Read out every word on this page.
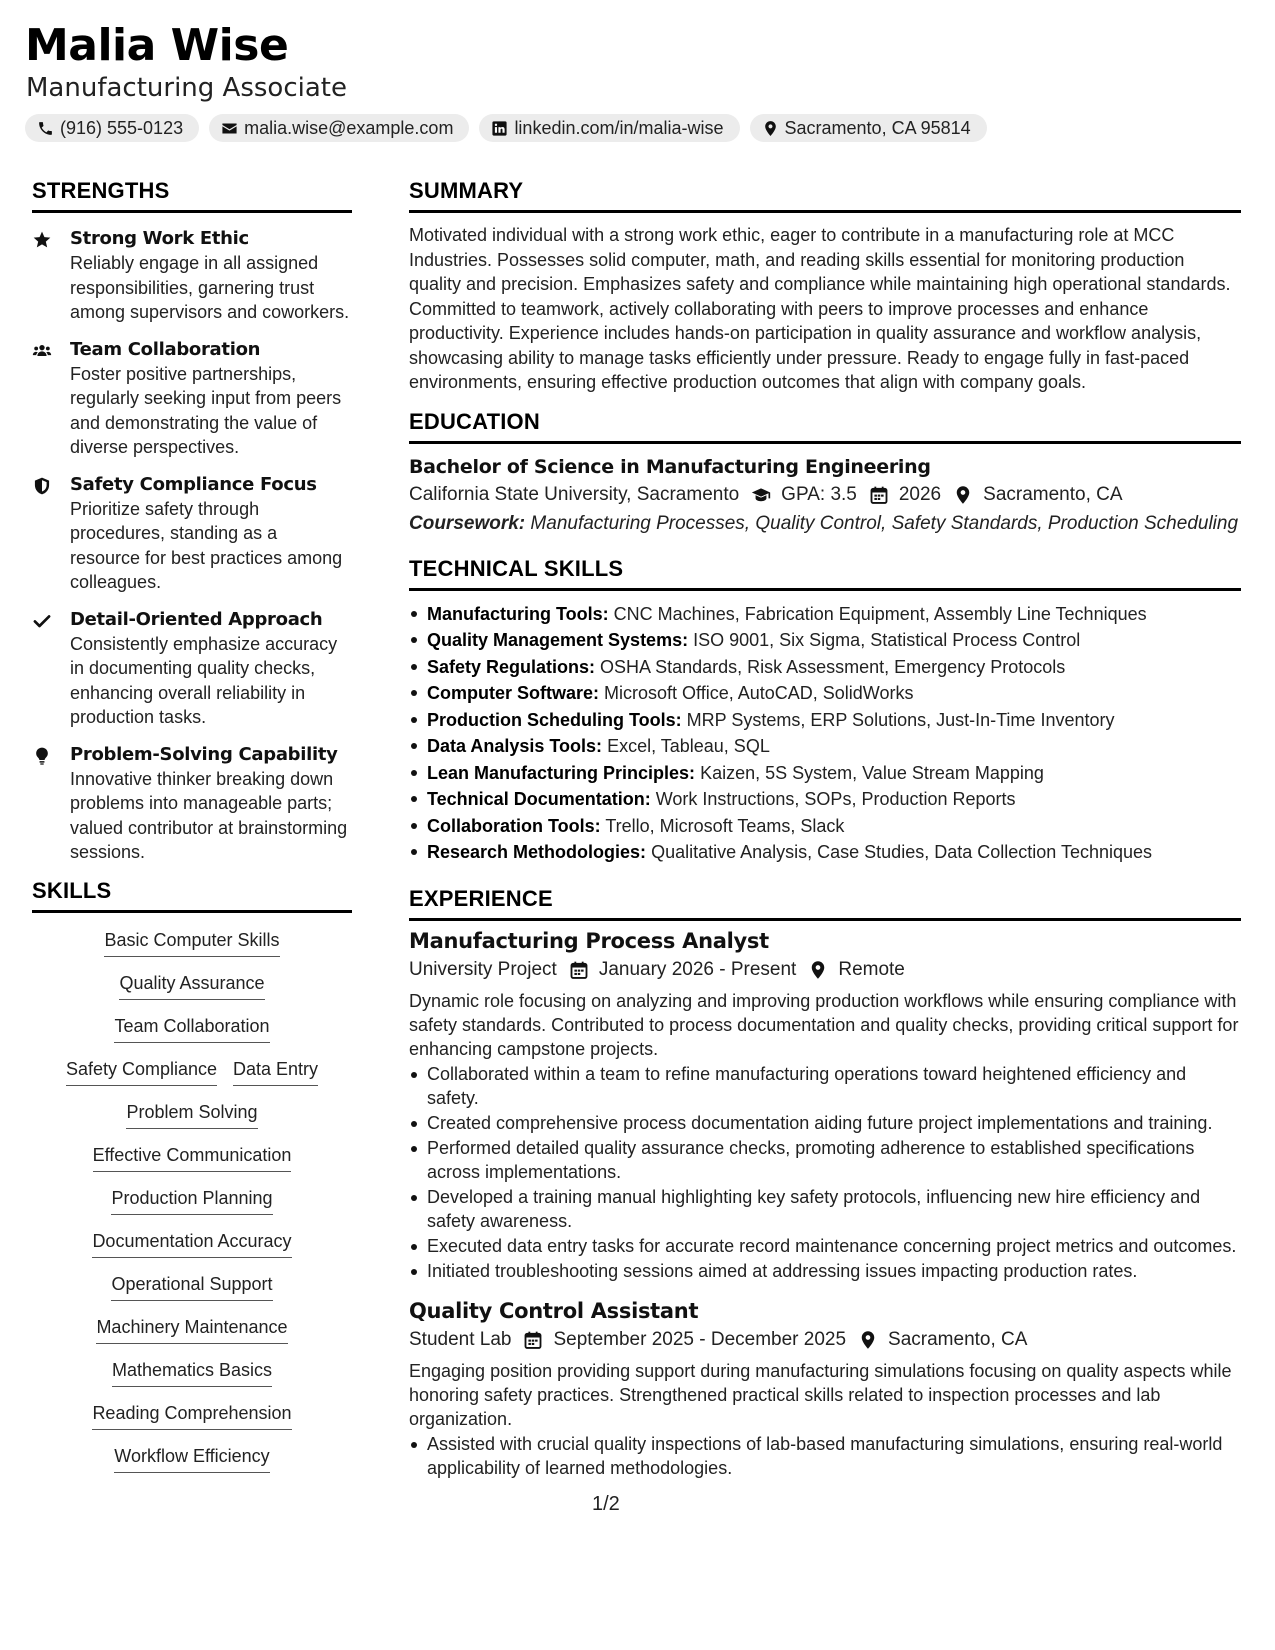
Malia Wise
Manufacturing Associate
(916) 555-0123	malia.wise@example.com	linkedin.com/in/malia-wise	Sacramento, CA 95814
STRENGTHS
Strong Work Ethic
Reliably engage in all assigned responsibilities, garnering trust among supervisors and coworkers.
Team Collaboration
Foster positive partnerships, regularly seeking input from peers and demonstrating the value of diverse perspectives.
Safety Compliance Focus
Prioritize safety through procedures, standing as a resource for best practices among colleagues.
Detail-Oriented Approach
Consistently emphasize accuracy in documenting quality checks, enhancing overall reliability in production tasks.
Problem-Solving Capability
Innovative thinker breaking down problems into manageable parts; valued contributor at brainstorming sessions.
SKILLS
Basic Computer Skills
Quality Assurance
Team Collaboration
Safety Compliance Data Entry
Problem Solving
Effective Communication
Production Planning
Documentation Accuracy
Operational Support
Machinery Maintenance
Mathematics Basics
Reading Comprehension
Workflow Efficiency
SUMMARY

Motivated individual with a strong work ethic, eager to contribute in a manufacturing role at MCC Industries. Possesses solid computer, math, and reading skills essential for monitoring production quality and precision. Emphasizes safety and compliance while maintaining high operational standards. Committed to teamwork, actively collaborating with peers to improve processes and enhance productivity. Experience includes hands-on participation in quality assurance and workflow analysis, showcasing ability to manage tasks efficiently under pressure. Ready to engage fully in fast-paced environments, ensuring effective production outcomes that align with company goals.

EDUCATION
Bachelor of Science in Manufacturing Engineering
California State University, Sacramento GPA: 3.5 2026 Sacramento, CA
Coursework: Manufacturing Processes, Quality Control, Safety Standards, Production Scheduling
TECHNICAL SKILLS
Manufacturing Tools: CNC Machines, Fabrication Equipment, Assembly Line Techniques
Quality Management Systems: ISO 9001, Six Sigma, Statistical Process Control
Safety Regulations: OSHA Standards, Risk Assessment, Emergency Protocols
Computer Software: Microsoft Office, AutoCAD, SolidWorks
Production Scheduling Tools: MRP Systems, ERP Solutions, Just-In-Time Inventory
Data Analysis Tools: Excel, Tableau, SQL
Lean Manufacturing Principles: Kaizen, 5S System, Value Stream Mapping
Technical Documentation: Work Instructions, SOPs, Production Reports
Collaboration Tools: Trello, Microsoft Teams, Slack
Research Methodologies: Qualitative Analysis, Case Studies, Data Collection Techniques
EXPERIENCE
Manufacturing Process Analyst
University Project January 2026 - Present Remote
Dynamic role focusing on analyzing and improving production workflows while ensuring compliance with safety standards. Contributed to process documentation and quality checks, providing critical support for enhancing campstone projects.
Collaborated within a team to refine manufacturing operations toward heightened efficiency and safety.
Created comprehensive process documentation aiding future project implementations and training.
Performed detailed quality assurance checks, promoting adherence to established specifications across implementations.
Developed a training manual highlighting key safety protocols, influencing new hire efficiency and safety awareness.
Executed data entry tasks for accurate record maintenance concerning project metrics and outcomes.
Initiated troubleshooting sessions aimed at addressing issues impacting production rates.
Quality Control Assistant
Student Lab September 2025 - December 2025 Sacramento, CA
Engaging position providing support during manufacturing simulations focusing on quality aspects while honoring safety practices. Strengthened practical skills related to inspection processes and lab organization.
Assisted with crucial quality inspections of lab-based manufacturing simulations, ensuring real-world applicability of learned methodologies.
1/2
